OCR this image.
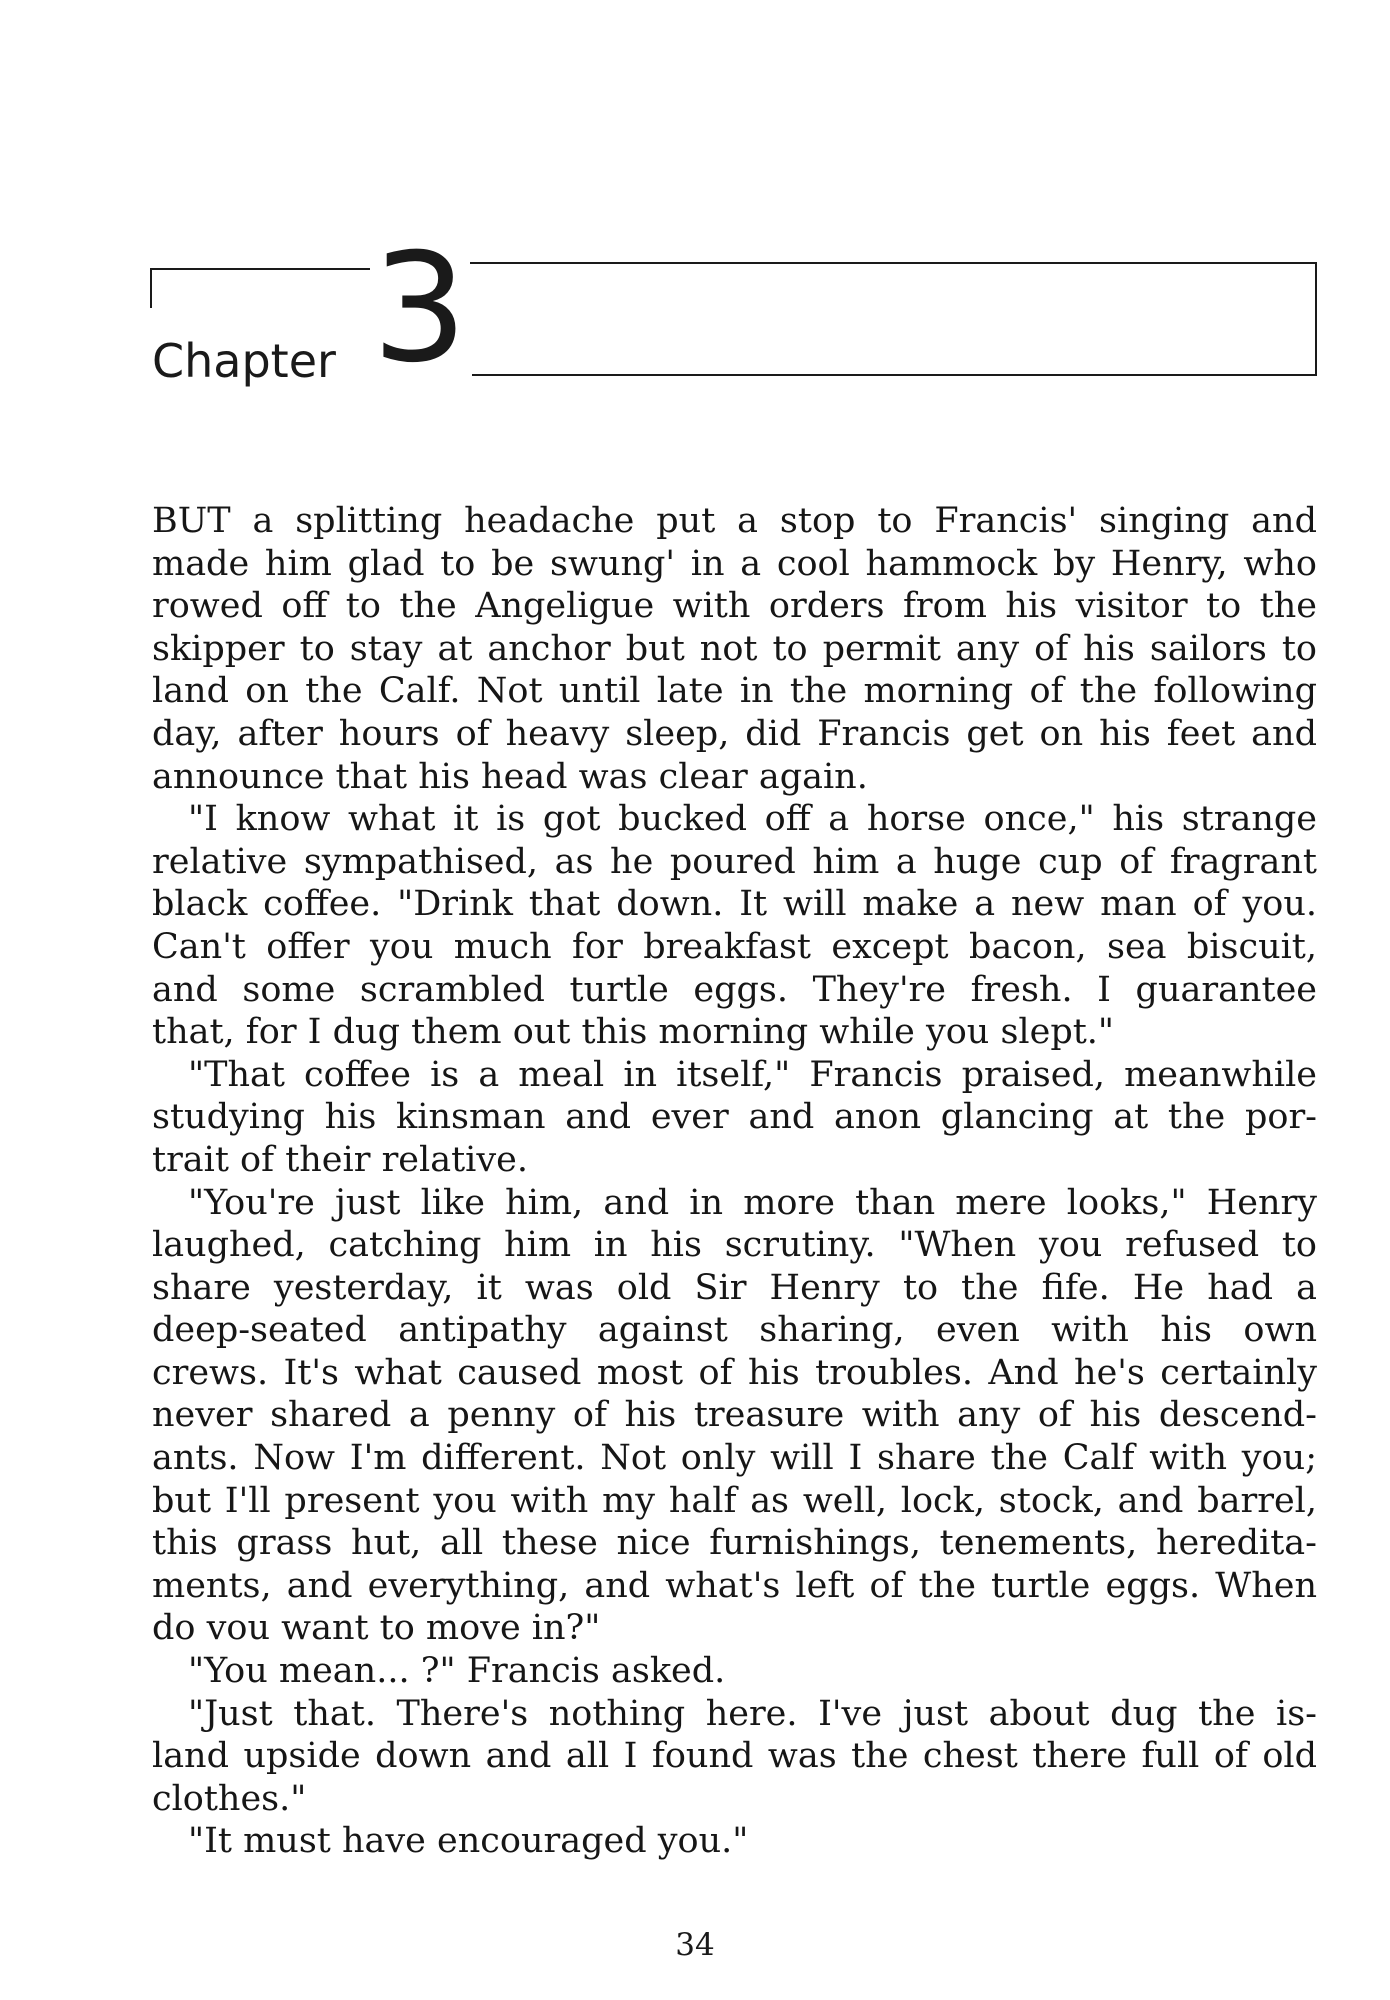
Chapter 3
BUT a splitting headache put a stop to Francis' singing and
made him glad to be swung' in a cool hammock by Henry, who
rowed off to the Angeligue with orders from his visitor to the
skipper to stay at anchor but not to permit any of his sailors to
land on the Calf. Not until late in the morning of the following
day, after hours of heavy sleep, did Francis get on his feet and
announce that his head was clear again.
"I know what it is got bucked off a horse once," his strange
relative sympathised, as he poured him a huge cup of fragrant
black coffee. "Drink that down. It will make a new man of you.
Can't offer you much for breakfast except bacon, sea biscuit,
and some scrambled turtle eggs. They're fresh. I guarantee
that, for I dug them out this morning while you slept."
"That coffee is a meal in itself," Francis praised, meanwhile
studying his kinsman and ever and anon glancing at the por-
trait of their relative.
"You're just like him, and in more than mere looks," Henry
laughed, catching him in his scrutiny. "When you refused to
share yesterday, it was old Sir Henry to the fife. He had a
deep-seated antipathy against sharing, even with his own
crews. It's what caused most of his troubles. And he's certainly
never shared a penny of his treasure with any of his descend-
ants. Now I'm different. Not only will I share the Calf with you;
but I'll present you with my half as well, lock, stock, and barrel,
this grass hut, all these nice furnishings, tenements, heredita-
ments, and everything, and what's left of the turtle eggs. When
do vou want to move in?"
"You mean... ?" Francis asked.
"Just that. There's nothing here. I've just about dug the is-
land upside down and all I found was the chest there full of old
clothes."
"It must have encouraged you."
34
